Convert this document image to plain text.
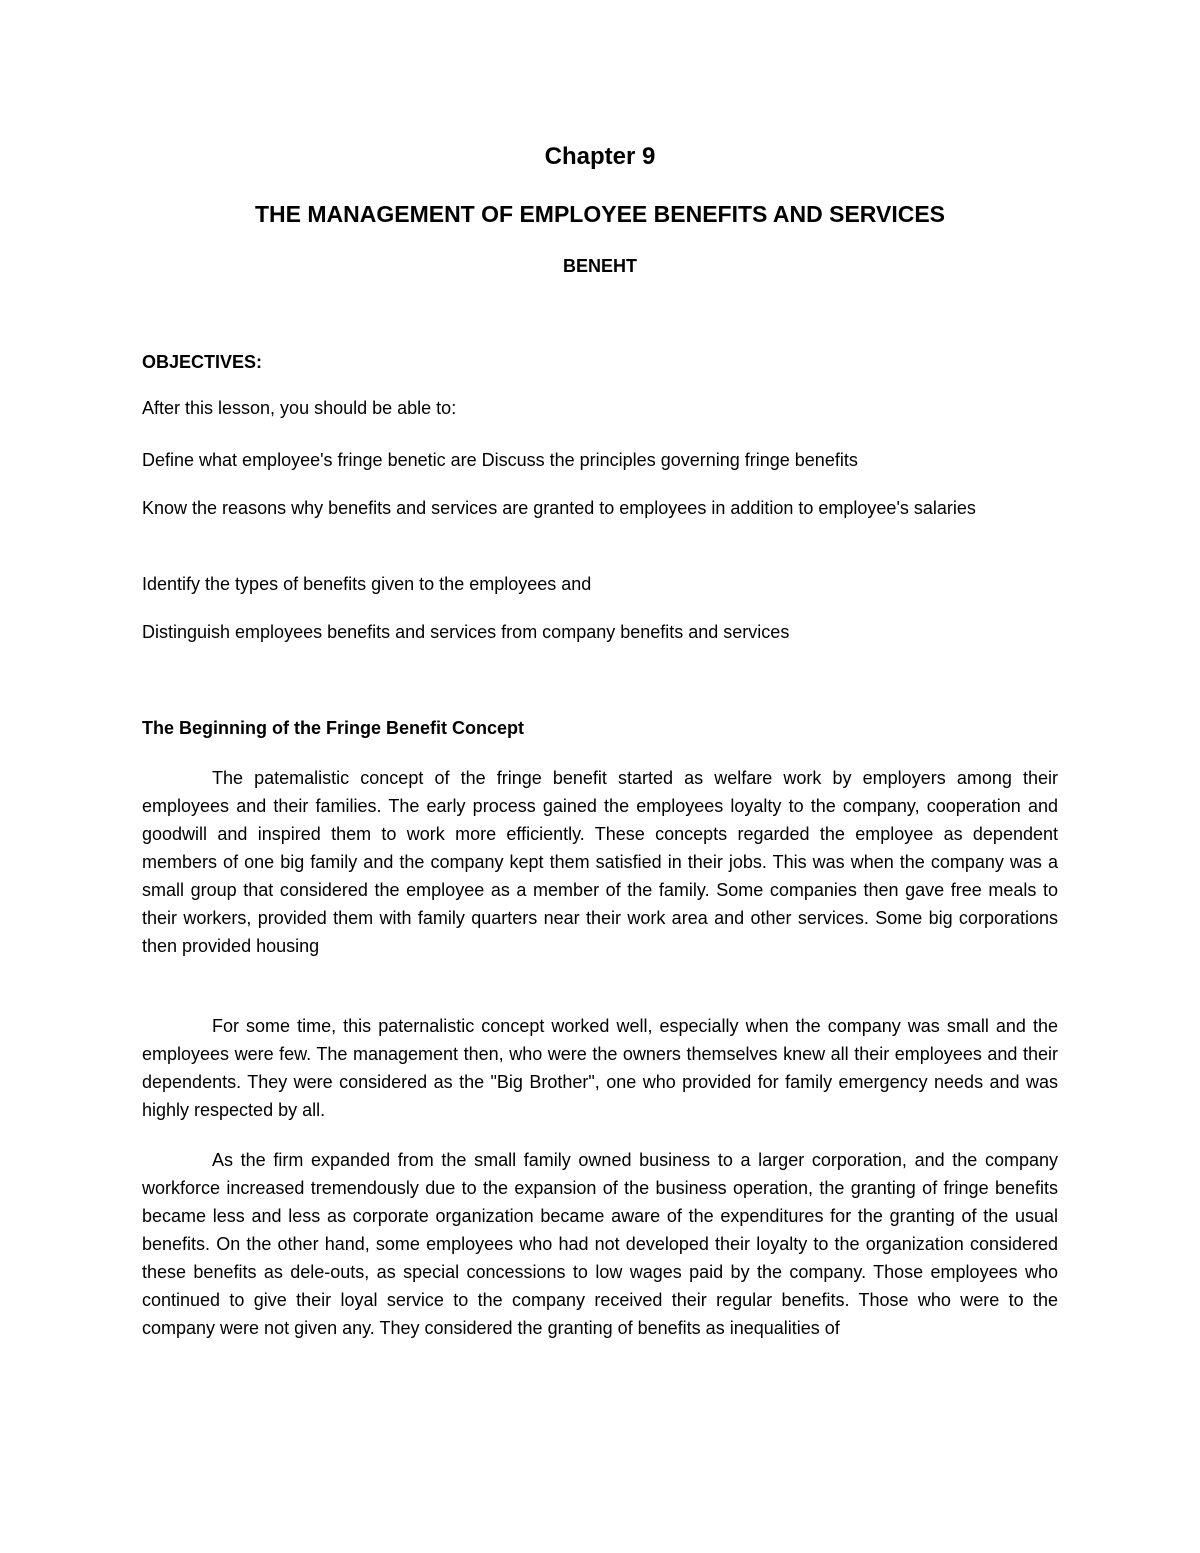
Chapter 9
THE MANAGEMENT OF EMPLOYEE BENEFITS AND SERVICES
BENEHT
OBJECTIVES:
After this lesson, you should be able to:
Define what employee's fringe benetic are Discuss the principles governing fringe benefits
Know the reasons why benefits and services are granted to employees in addition to employee's salaries
Identify the types of benefits given to the employees and
Distinguish employees benefits and services from company benefits and services
The Beginning of the Fringe Benefit Concept
The patemalistic concept of the fringe benefit started as welfare work by employers among their employees and their families. The early process gained the employees loyalty to the company, cooperation and goodwill and inspired them to work more efficiently. These concepts regarded the employee as dependent members of one big family and the company kept them satisfied in their jobs. This was when the company was a small group that considered the employee as a member of the family. Some companies then gave free meals to their workers, provided them with family quarters near their work area and other services. Some big corporations then provided housing
For some time, this paternalistic concept worked well, especially when the company was small and the employees were few. The management then, who were the owners themselves knew all their employees and their dependents. They were considered as the "Big Brother", one who provided for family emergency needs and was highly respected by all.
As the firm expanded from the small family owned business to a larger corporation, and the company workforce increased tremendously due to the expansion of the business operation, the granting of fringe benefits became less and less as corporate organization became aware of the expenditures for the granting of the usual benefits. On the other hand, some employees who had not developed their loyalty to the organization considered these benefits as dele-outs, as special concessions to low wages paid by the company. Those employees who continued to give their loyal service to the company received their regular benefits. Those who were to the company were not given any. They considered the granting of benefits as inequalities of
